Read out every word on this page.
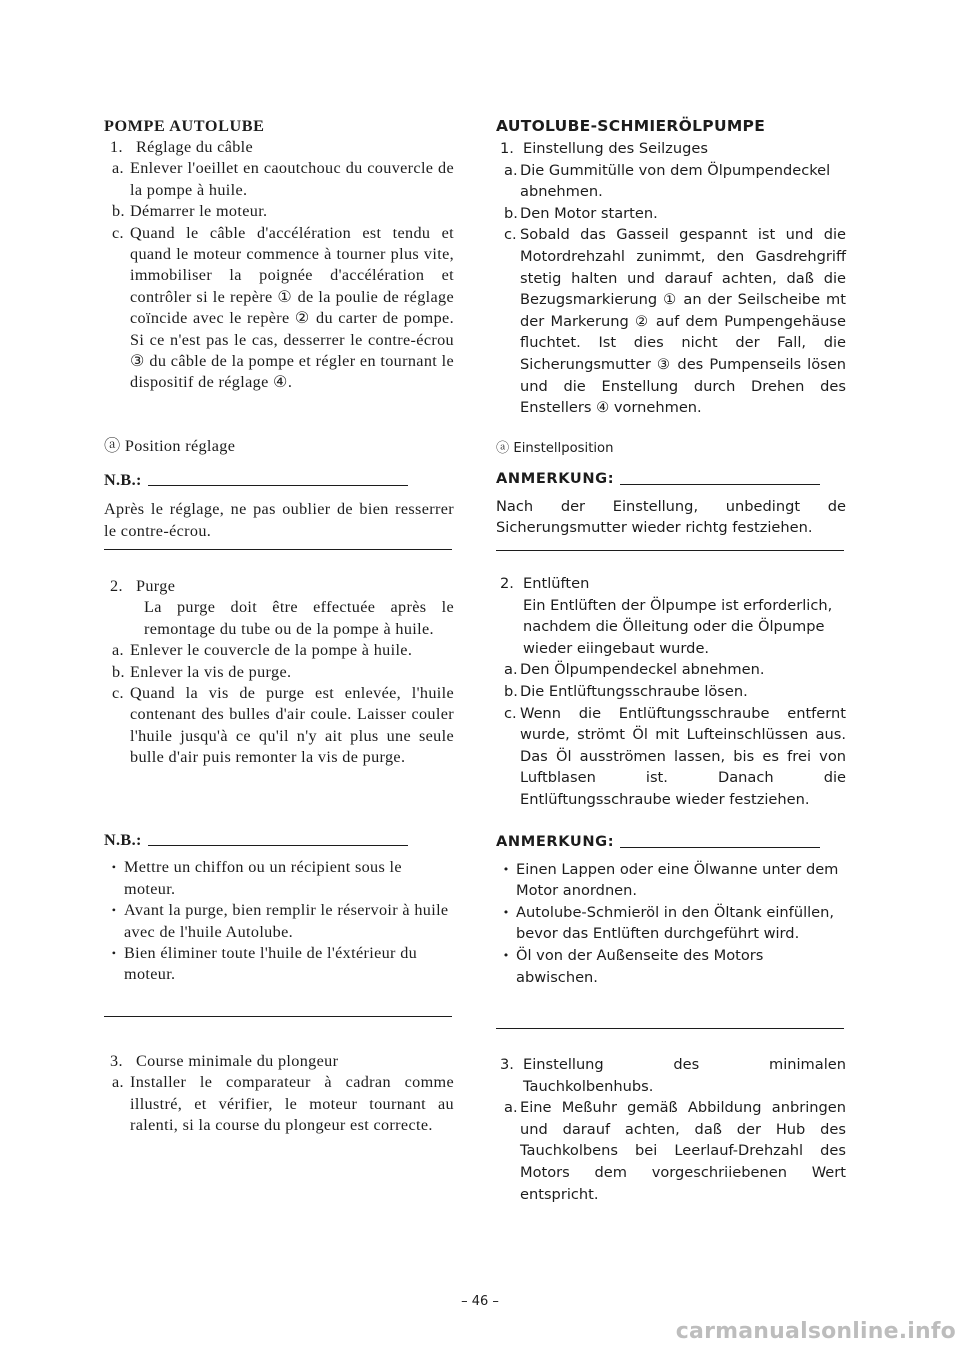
POMPE AUTOLUBE
1. Réglage du câble
a. Enlever l'oeillet en caoutchouc du couvercle de la pompe à huile.
b. Démarrer le moteur.
c. Quand le câble d'accélération est tendu et quand le moteur commence à tourner plus vite, immobiliser la poignée d'accélération et contrôler si le repère ① de la poulie de réglage coïncide avec le repère ② du carter de pompe. Si ce n'est pas le cas, desserrer le contre-écrou ③ du câble de la pompe et régler en tournant le dispositif de réglage ④.
ⓐ Position réglage
N.B.:
Après le réglage, ne pas oublier de bien resserrer le contre-écrou.
2. Purge
La purge doit être effectuée après le remontage du tube ou de la pompe à huile.
a. Enlever le couvercle de la pompe à huile.
b. Enlever la vis de purge.
c. Quand la vis de purge est enlevée, l'huile contenant des bulles d'air coule. Laisser couler l'huile jusqu'à ce qu'il n'y ait plus une seule bulle d'air puis remonter la vis de purge.
N.B.:
• Mettre un chiffon ou un récipient sous le moteur.
• Avant la purge, bien remplir le réservoir à huile avec de l'huile Autolube.
• Bien éliminer toute l'huile de l'éxtérieur du moteur.
3. Course minimale du plongeur
a. Installer le comparateur à cadran comme illustré, et vérifier, le moteur tournant au ralenti, si la course du plongeur est correcte.
AUTOLUBE-SCHMIERÖLPUMPE
1. Einstellung des Seilzuges
a. Die Gummitülle von dem Ölpumpendeckel abnehmen.
b. Den Motor starten.
c. Sobald das Gasseil gespannt ist und die Motordrehzahl zunimmt, den Gasdrehgriff stetig halten und darauf achten, daß die Bezugsmarkierung ① an der Seilscheibe mt der Markerung ② auf dem Pumpengehäuse fluchtet. Ist dies nicht der Fall, die Sicherungsmutter ③ des Pumpenseils lösen und die Enstellung durch Drehen des Enstellers ④ vornehmen.
ⓐ Einstellposition
ANMERKUNG:
Nach der Einstellung, unbedingt de Sicherungsmutter wieder richtg festziehen.
2. Entlüften
Ein Entlüften der Ölpumpe ist erforderlich, nachdem die Ölleitung oder die Ölpumpe wieder eiingebaut wurde.
a. Den Ölpumpendeckel abnehmen.
b. Die Entlüftungsschraube lösen.
c. Wenn die Entlüftungsschraube entfernt wurde, strömt Öl mit Lufteinschlüssen aus. Das Öl ausströmen lassen, bis es frei von Luftblasen ist. Danach die Entlüftungsschraube wieder festziehen.
ANMERKUNG:
• Einen Lappen oder eine Ölwanne unter dem Motor anordnen.
• Autolube-Schmieröl in den Öltank einfüllen, bevor das Entlüften durchgeführt wird.
• Öl von der Außenseite des Motors abwischen.
3. Einstellung des minimalen Tauchkolbenhubs.
a. Eine Meßuhr gemäß Abbildung anbringen und darauf achten, daß der Hub des Tauchkolbens bei Leerlauf-Drehzahl des Motors dem vorgeschriiebenen Wert entspricht.
– 46 –
carmanualsonline.info
